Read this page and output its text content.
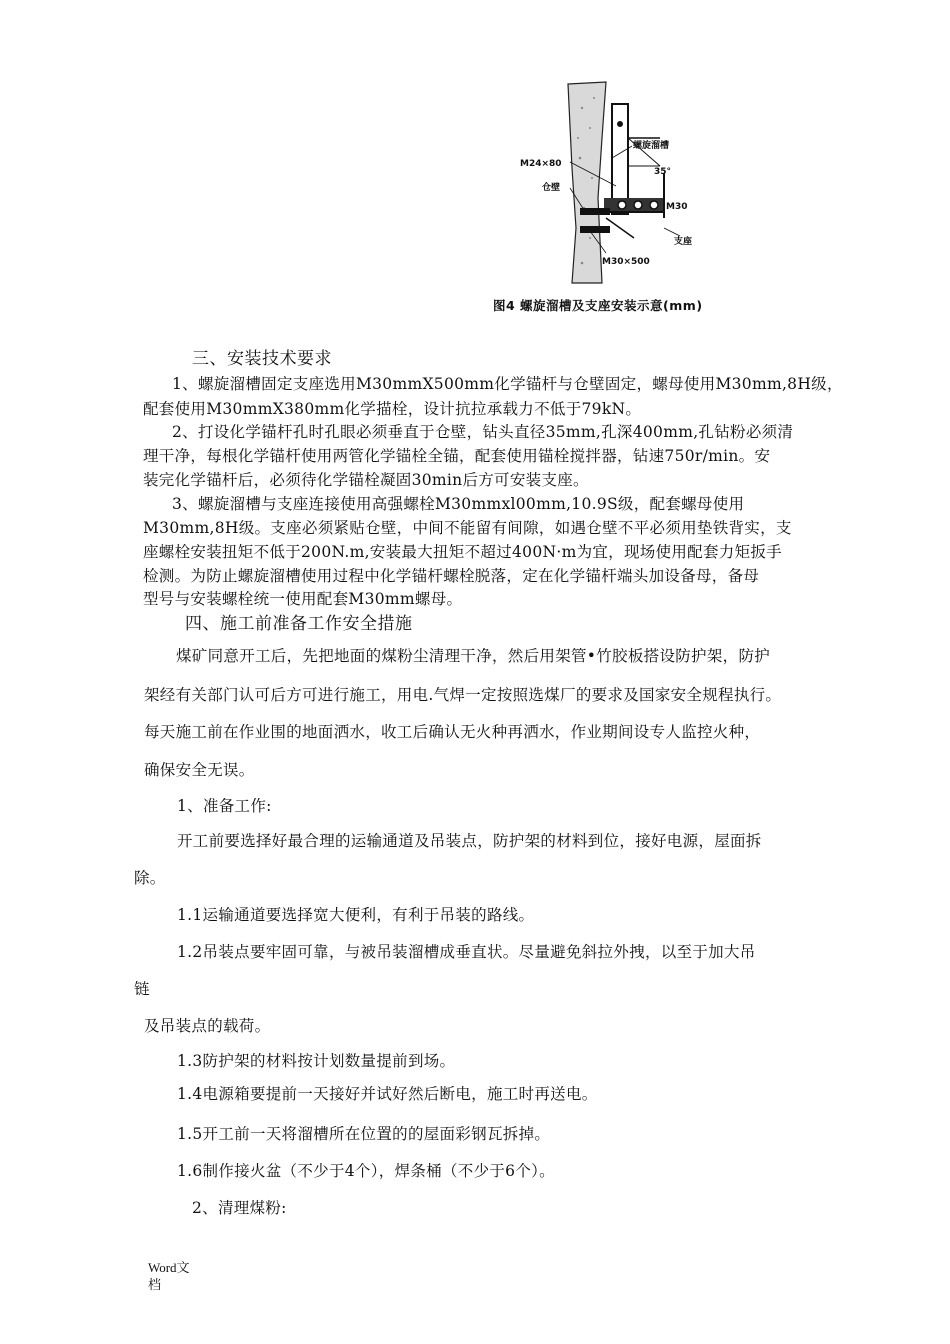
螺旋溜槽
35°
M24×80
仓壁
M30
支座
M30×500
图4 螺旋溜槽及支座安装示意(mm)
三、安装技术要求
1、螺旋溜槽固定支座选用M30mmX500mm化学锚杆与仓壁固定，螺母使用M30mm,8H级，
配套使用M30mmX380mm化学描栓，设计抗拉承载力不低于79kN。
2、打设化学锚杆孔时孔眼必须垂直于仓壁，钻头直径35mm,孔深400mm,孔钻粉必须清
理干净，每根化学锚杆使用两管化学锚栓全锚，配套使用锚栓搅拌器，钻速750r/min。安
装完化学锚杆后，必须待化学锚栓凝固30min后方可安装支座。
3、螺旋溜槽与支座连接使用高强螺栓M30mmxl00mm,10.9S级，配套螺母使用
M30mm,8H级。支座必须紧贴仓壁，中间不能留有间隙，如遇仓壁不平必须用垫铁背实，支
座螺栓安装扭矩不低于200N.m,安装最大扭矩不超过400N·m为宜，现场使用配套力矩扳手
检测。为防止螺旋溜槽使用过程中化学锚杆螺栓脱落，定在化学锚杆端头加设备母，备母
型号与安装螺栓统一使用配套M30mm螺母。
四、施工前准备工作安全措施
煤矿同意开工后，先把地面的煤粉尘清理干净，然后用架管•竹胶板搭设防护架，防护
架经有关部门认可后方可进行施工，用电.气焊一定按照选煤厂的要求及国家安全规程执行。
每天施工前在作业围的地面洒水，收工后确认无火种再洒水，作业期间设专人监控火种，
确保安全无误。
1、准备工作:
开工前要选择好最合理的运输通道及吊装点，防护架的材料到位，接好电源，屋面拆
除。
1.1运输通道要选择宽大便利，有利于吊装的路线。
1.2吊装点要牢固可靠，与被吊装溜槽成垂直状。尽量避免斜拉外拽，以至于加大吊
链
及吊装点的载荷。
1.3防护架的材料按计划数量提前到场。
1.4电源箱要提前一天接好并试好然后断电，施工时再送电。
1.5开工前一天将溜槽所在位置的的屋面彩钢瓦拆掉。
1.6制作接火盆（不少于4个），焊条桶（不少于6个）。
2、清理煤粉:
Word文
档
